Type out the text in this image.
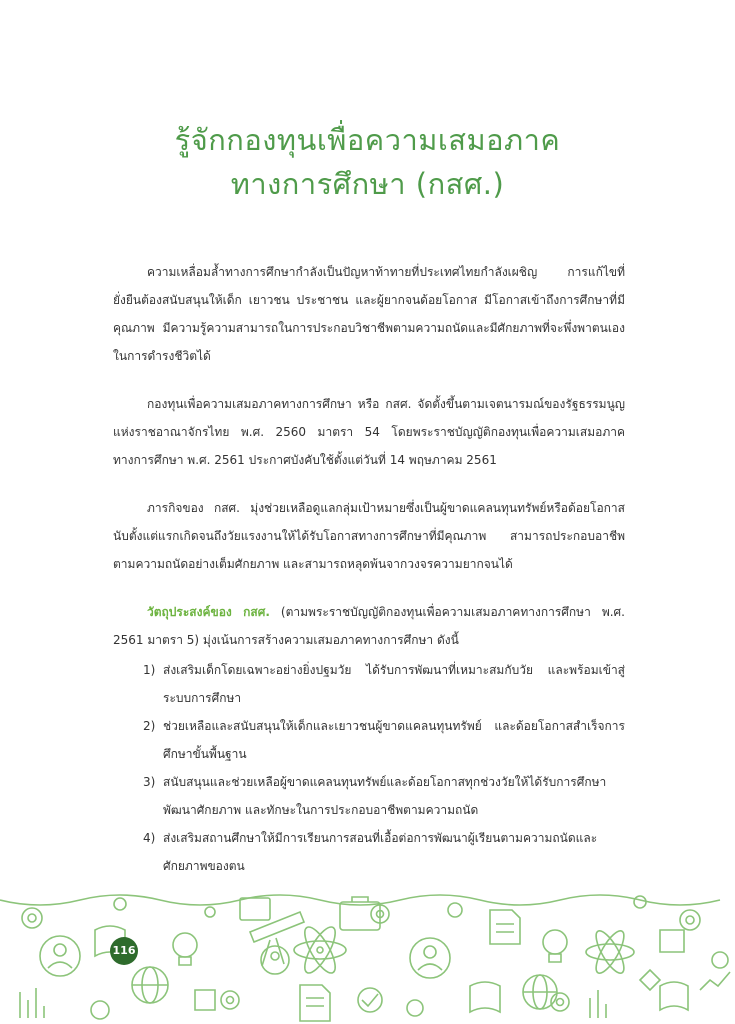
รู้จักกองทุนเพื่อความเสมอภาค
ทางการศึกษา (กสศ.)

ความเหลื่อมล้ำทางการศึกษากำลังเป็นปัญหาท้าทายที่ประเทศไทยกำลังเผชิญ การแก้ไขที่ยั่งยืนต้องสนับสนุนให้เด็ก เยาวชน ประชาชน และผู้ยากจนด้อยโอกาส มีโอกาสเข้าถึงการศึกษาที่มีคุณภาพ มีความรู้ความสามารถในการประกอบวิชาชีพตามความถนัดและมีศักยภาพที่จะพึ่งพาตนเองในการดำรงชีวิตได้

กองทุนเพื่อความเสมอภาคทางการศึกษา หรือ กสศ. จัดตั้งขึ้นตามเจตนารมณ์ของรัฐธรรมนูญแห่งราชอาณาจักรไทย พ.ศ. 2560 มาตรา 54 โดยพระราชบัญญัติกองทุนเพื่อความเสมอภาคทางการศึกษา พ.ศ. 2561 ประกาศบังคับใช้ตั้งแต่วันที่ 14 พฤษภาคม 2561

ภารกิจของ กสศ. มุ่งช่วยเหลือดูแลกลุ่มเป้าหมายซึ่งเป็นผู้ขาดแคลนทุนทรัพย์หรือด้อยโอกาสนับตั้งแต่แรกเกิดจนถึงวัยแรงงานให้ได้รับโอกาสทางการศึกษาที่มีคุณภาพ สามารถประกอบอาชีพตามความถนัดอย่างเต็มศักยภาพ และสามารถหลุดพ้นจากวงจรความยากจนได้

วัตถุประสงค์ของ กสศ. (ตามพระราชบัญญัติกองทุนเพื่อความเสมอภาคทางการศึกษา พ.ศ. 2561 มาตรา 5) มุ่งเน้นการสร้างความเสมอภาคทางการศึกษา ดังนี้
1) ส่งเสริมเด็กโดยเฉพาะอย่างยิ่งปฐมวัย ได้รับการพัฒนาที่เหมาะสมกับวัย และพร้อมเข้าสู่ระบบการศึกษา
2) ช่วยเหลือและสนับสนุนให้เด็กและเยาวชนผู้ขาดแคลนทุนทรัพย์ และด้อยโอกาสสำเร็จการศึกษาขั้นพื้นฐาน
3) สนับสนุนและช่วยเหลือผู้ขาดแคลนทุนทรัพย์และด้อยโอกาสทุกช่วงวัยให้ได้รับการศึกษาพัฒนาศักยภาพ และทักษะในการประกอบอาชีพตามความถนัด
4) ส่งเสริมสถานศึกษาให้มีการเรียนการสอนที่เอื้อต่อการพัฒนาผู้เรียนตามความถนัดและศักยภาพของตน
116
